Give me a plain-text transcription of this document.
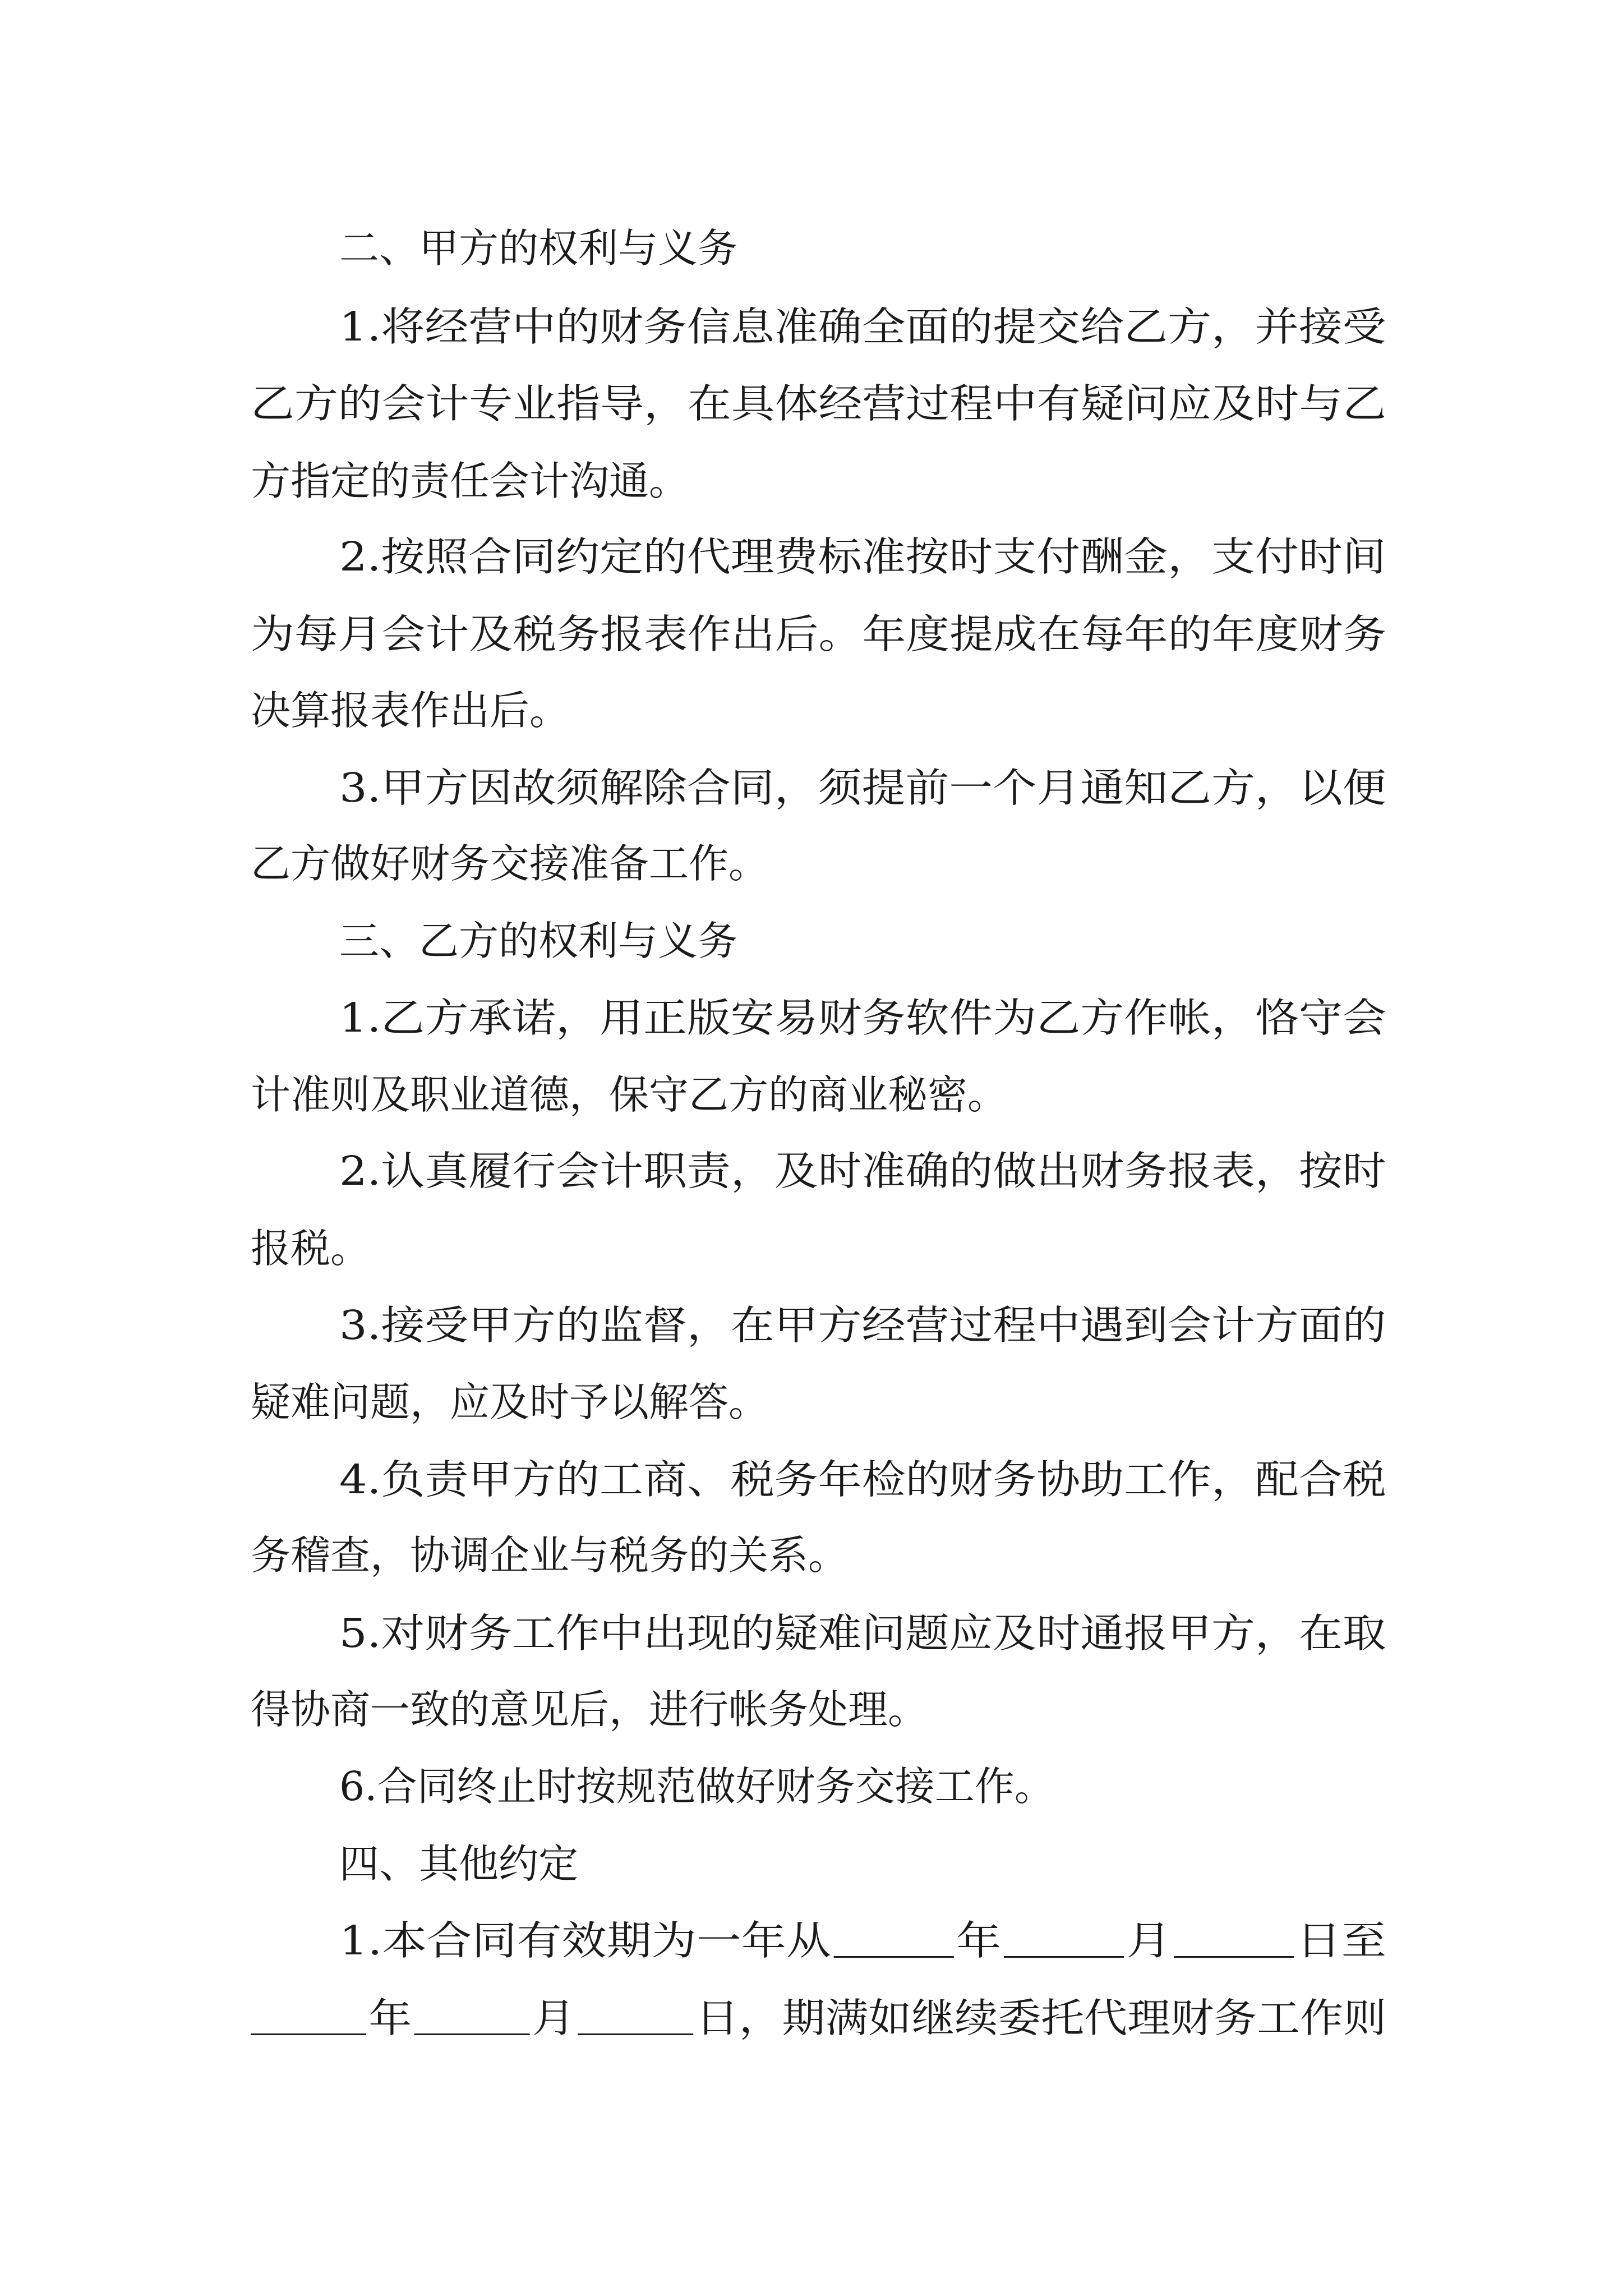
二、甲方的权利与义务
1.将经营中的财务信息准确全面的提交给乙方，并接受
乙方的会计专业指导，在具体经营过程中有疑问应及时与乙
方指定的责任会计沟通。
2.按照合同约定的代理费标准按时支付酬金，支付时间
为每月会计及税务报表作出后。年度提成在每年的年度财务
决算报表作出后。
3.甲方因故须解除合同，须提前一个月通知乙方，以便
乙方做好财务交接准备工作。
三、乙方的权利与义务
1.乙方承诺，用正版安易财务软件为乙方作帐，恪守会
计准则及职业道德，保守乙方的商业秘密。
2.认真履行会计职责，及时准确的做出财务报表，按时
报税。
3.接受甲方的监督，在甲方经营过程中遇到会计方面的
疑难问题，应及时予以解答。
4.负责甲方的工商、税务年检的财务协助工作，配合税
务稽查，协调企业与税务的关系。
5.对财务工作中出现的疑难问题应及时通报甲方，在取
得协商一致的意见后，进行帐务处理。
6.合同终止时按规范做好财务交接工作。
四、其他约定
1.本合同有效期为一年从	年	月	日至
年	月	日，期满如继续委托代理财务工作则
